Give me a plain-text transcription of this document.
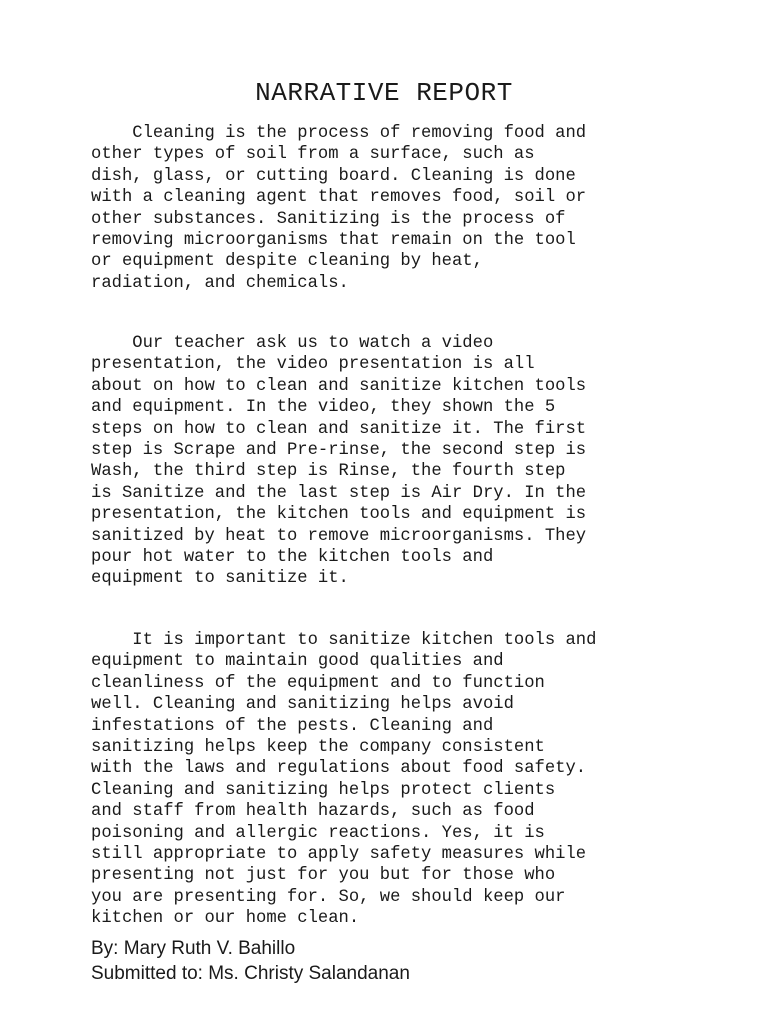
NARRATIVE REPORT
Cleaning is the process of removing food and
other types of soil from a surface, such as
dish, glass, or cutting board. Cleaning is done
with a cleaning agent that removes food, soil or
other substances. Sanitizing is the process of
removing microorganisms that remain on the tool
or equipment despite cleaning by heat,
radiation, and chemicals.
Our teacher ask us to watch a video
presentation, the video presentation is all
about on how to clean and sanitize kitchen tools
and equipment. In the video, they shown the 5
steps on how to clean and sanitize it. The first
step is Scrape and Pre-rinse, the second step is
Wash, the third step is Rinse, the fourth step
is Sanitize and the last step is Air Dry. In the
presentation, the kitchen tools and equipment is
sanitized by heat to remove microorganisms. They
pour hot water to the kitchen tools and
equipment to sanitize it.
It is important to sanitize kitchen tools and
equipment to maintain good qualities and
cleanliness of the equipment and to function
well. Cleaning and sanitizing helps avoid
infestations of the pests. Cleaning and
sanitizing helps keep the company consistent
with the laws and regulations about food safety.
Cleaning and sanitizing helps protect clients
and staff from health hazards, such as food
poisoning and allergic reactions. Yes, it is
still appropriate to apply safety measures while
presenting not just for you but for those who
you are presenting for. So, we should keep our
kitchen or our home clean.

By: Mary Ruth V. Bahillo

Submitted to: Ms. Christy Salandanan
